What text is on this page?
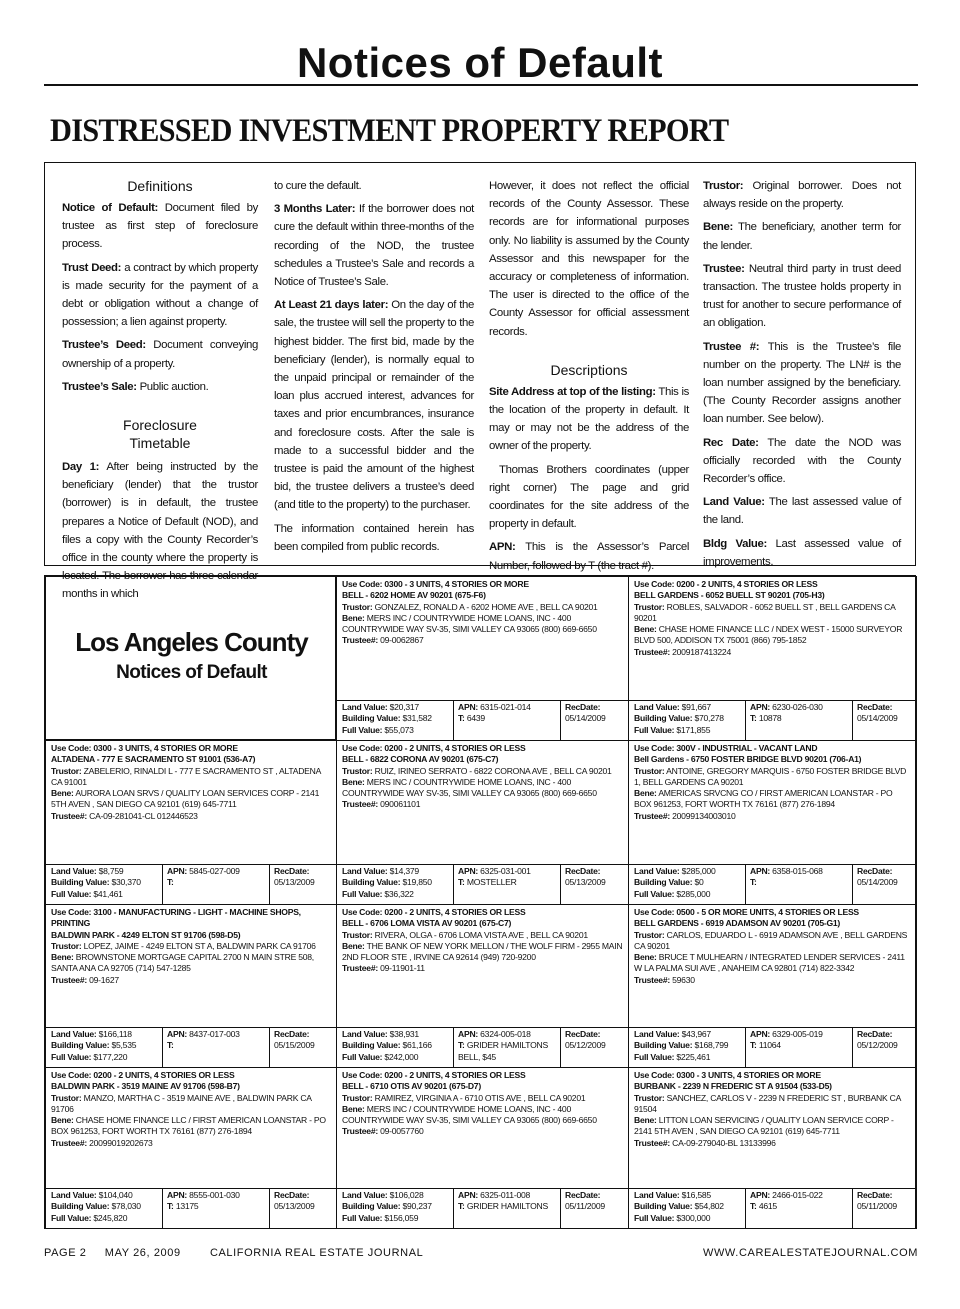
Notices of Default
DISTRESSED INVESTMENT PROPERTY REPORT
Definitions

Notice of Default: Document filed by trustee as first step of foreclosure process.

Trust Deed: a contract by which property is made security for the payment of a debt or obligation without a change of possession; a lien against property.

Trustee’s Deed: Document conveying ownership of a property.

Trustee’s Sale: Public auction.

Foreclosure
Timetable

Day 1: After being instructed by the beneficiary (lender) that the trustor (borrower) is in default, the trustee prepares a Notice of Default (NOD), and files a copy with the County Recorder’s office in the county where the property is located. The borrower has three calendar months in which

to cure the default.

3 Months Later: If the borrower does not cure the default within three-months of the recording of the NOD, the trustee schedules a Trustee’s Sale and records a Notice of Trustee’s Sale.

At Least 21 days later: On the day of the sale, the trustee will sell the property to the highest bidder. The first bid, made by the beneficiary (lender), is normally equal to the unpaid principal or remainder of the loan plus accrued interest, advances for taxes and prior encumbrances, insurance and foreclosure costs. After the sale is made to a successful bidder and the trustee is paid the amount of the highest bid, the trustee delivers a trustee’s deed (and title to the property) to the purchaser.

The information contained herein has been compiled from public records.

However, it does not reflect the official records of the County Assessor. These records are for informational purposes only. No liability is assumed by the County Assessor and this newspaper for the accuracy or completeness of information. The user is directed to the office of the County Assessor for official assessment records.

Descriptions

Site Address at top of the listing: This is the location of the property in default. It may or may not be the address of the owner of the property.

Thomas Brothers coordinates (upper right corner) The page and grid coordinates for the site address of the property in default.

APN: This is the Assessor’s Parcel Number, followed by T (the tract #).

Trustor: Original borrower. Does not always reside on the property.

Bene: The beneficiary, another term for the lender.

Trustee: Neutral third party in trust deed transaction. The trustee holds property in trust for another to secure performance of an obligation.

Trustee #: This is the Trustee’s file number on the property. The LN# is the loan number assigned by the beneficiary. (The County Recorder assigns another loan number. See below).

Rec Date: The date the NOD was officially recorded with the County Recorder’s office.

Land Value: The last assessed value of the land.

Bldg Value: Last assessed value of improvements.

Los Angeles County
Notices of Default
Use Code: 0300 - 3 UNITS, 4 STORIES OR MORE
BELL - 6202 HOME AV 90201 (675-F6)
Trustor: GONZALEZ, RONALD A - 6202 HOME AVE , BELL CA 90201
Bene: MERS INC / COUNTRYWIDE HOME LOANS, INC - 400 COUNTRYWIDE WAY SV-35, SIMI VALLEY CA 93065 (800) 669-6650
Trustee#: 09-0062867
Land Value: $20,317
Building Value: $31,582
Full Value: $55,073
APN: 6315-021-014
T: 6439
RecDate:
05/14/2009
Use Code: 0200 - 2 UNITS, 4 STORIES OR LESS
BELL GARDENS - 6052 BUELL ST 90201 (705-H3)
Trustor: ROBLES, SALVADOR - 6052 BUELL ST , BELL GARDENS CA 90201
Bene: CHASE HOME FINANCE LLC / NDEX WEST - 15000 SURVEYOR BLVD 500, ADDISON TX 75001 (866) 795-1852
Trustee#: 2009187413224
Land Value: $91,667
Building Value: $70,278
Full Value: $171,855
APN: 6230-026-030
T: 10878
RecDate:
05/14/2009
Use Code: 0300 - 3 UNITS, 4 STORIES OR MORE
ALTADENA - 777 E SACRAMENTO ST 91001 (536-A7)
Trustor: ZABELERIO, RINALDI L - 777 E SACRAMENTO ST , ALTADENA CA 91001
Bene: AURORA LOAN SRVS / QUALITY LOAN SERVICES CORP - 2141 5TH AVEN , SAN DIEGO CA 92101 (619) 645-7711
Trustee#: CA-09-281041-CL 012446523
Land Value: $8,759
Building Value: $30,370
Full Value: $41,461
APN: 5845-027-009
T:
RecDate:
05/13/2009
Use Code: 0200 - 2 UNITS, 4 STORIES OR LESS
BELL - 6822 CORONA AV 90201 (675-C7)
Trustor: RUIZ, IRINEO SERRATO - 6822 CORONA AVE , BELL CA 90201
Bene: MERS INC / COUNTRYWIDE HOME LOANS, INC - 400 COUNTRYWIDE WAY SV-35, SIMI VALLEY CA 93065 (800) 669-6650
Trustee#: 090061101
Land Value: $14,379
Building Value: $19,850
Full Value: $36,322
APN: 6325-031-001
T: MOSTELLER
RecDate:
05/13/2009
Use Code: 300V - INDUSTRIAL - VACANT LAND
Bell Gardens - 6750 FOSTER BRIDGE BLVD 90201 (706-A1)
Trustor: ANTOINE, GREGORY MARQUIS - 6750 FOSTER BRIDGE BLVD 1, BELL GARDENS CA 90201
Bene: AMERICAS SRVCNG CO / FIRST AMERICAN LOANSTAR - PO BOX 961253, FORT WORTH TX 76161 (877) 276-1894
Trustee#: 20099134003010
Land Value: $285,000
Building Value: $0
Full Value: $285,000
APN: 6358-015-068
T:
RecDate:
05/14/2009
Use Code: 3100 - MANUFACTURING - LIGHT - MACHINE SHOPS, PRINTING
BALDWIN PARK - 4249 ELTON ST 91706 (598-D5)
Trustor: LOPEZ, JAIME - 4249 ELTON ST A, BALDWIN PARK CA 91706
Bene: BROWNSTONE MORTGAGE CAPITAL 2700 N MAIN STRE 508, SANTA ANA CA 92705 (714) 547-1285
Trustee#: 09-1627
Land Value: $166,118
Building Value: $5,535
Full Value: $177,220
APN: 8437-017-003
T:
RecDate:
05/15/2009
Use Code: 0200 - 2 UNITS, 4 STORIES OR LESS
BELL - 6706 LOMA VISTA AV 90201 (675-C7)
Trustor: RIVERA, OLGA - 6706 LOMA VISTA AVE , BELL CA 90201
Bene: THE BANK OF NEW YORK MELLON / THE WOLF FIRM - 2955 MAIN 2ND FLOOR STE , IRVINE CA 92614 (949) 720-9200
Trustee#: 09-11901-11
Land Value: $38,931
Building Value: $61,166
Full Value: $242,000
APN: 6324-005-018
T: GRIDER HAMILTONS BELL, $45
RecDate:
05/12/2009
Use Code: 0500 - 5 OR MORE UNITS, 4 STORIES OR LESS
BELL GARDENS - 6919 ADAMSON AV 90201 (705-G1)
Trustor: CARLOS, EDUARDO L - 6919 ADAMSON AVE , BELL GARDENS CA 90201
Bene: BRUCE T MULHEARN / INTEGRATED LENDER SERVICES - 2411 W LA PALMA SUI AVE , ANAHEIM CA 92801 (714) 822-3342
Trustee#: 59630
Land Value: $43,967
Building Value: $168,799
Full Value: $225,461
APN: 6329-005-019
T: 11064
RecDate:
05/12/2009
Use Code: 0200 - 2 UNITS, 4 STORIES OR LESS
BALDWIN PARK - 3519 MAINE AV 91706 (598-B7)
Trustor: MANZO, MARTHA C - 3519 MAINE AVE , BALDWIN PARK CA 91706
Bene: CHASE HOME FINANCE LLC / FIRST AMERICAN LOANSTAR - PO BOX 961253, FORT WORTH TX 76161 (877) 276-1894
Trustee#: 20099019202673
Land Value: $104,040
Building Value: $78,030
Full Value: $245,820
APN: 8555-001-030
T: 13175
RecDate:
05/13/2009
Use Code: 0200 - 2 UNITS, 4 STORIES OR LESS
BELL - 6710 OTIS AV 90201 (675-D7)
Trustor: RAMIREZ, VIRGINIA A - 6710 OTIS AVE , BELL CA 90201
Bene: MERS INC / COUNTRYWIDE HOME LOANS, INC - 400 COUNTRYWIDE WAY SV-35, SIMI VALLEY CA 93065 (800) 669-6650
Trustee#: 09-0057760
Land Value: $106,028
Building Value: $90,237
Full Value: $156,059
APN: 6325-011-008
T: GRIDER HAMILTONS
RecDate:
05/11/2009
Use Code: 0300 - 3 UNITS, 4 STORIES OR MORE
BURBANK - 2239 N FREDERIC ST A 91504 (533-D5)
Trustor: SANCHEZ, CARLOS V - 2239 N FREDERIC ST , BURBANK CA 91504
Bene: LITTON LOAN SERVICING / QUALITY LOAN SERVICE CORP - 2141 5TH AVEN , SAN DIEGO CA 92101 (619) 645-7711
Trustee#: CA-09-279040-BL 13133996
Land Value: $16,585
Building Value: $54,802
Full Value: $300,000
APN: 2466-015-022
T: 4615
RecDate:
05/11/2009
PAGE 2     MAY 26, 2009        CALIFORNIA REAL ESTATE JOURNAL	WWW.CAREALESTATEJOURNAL.COM
